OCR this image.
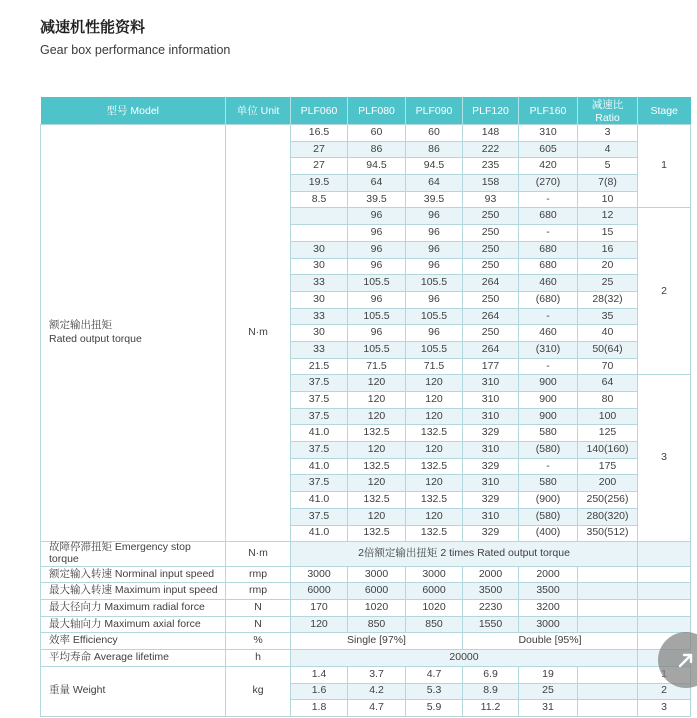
减速机性能资料
Gear box performance information
型号 Model	单位 Unit	PLF060	PLF080	PLF090	PLF120	PLF160	减速比 Ratio	Stage

额定输出扭矩
Rated output torque	N·m	16.5	60	60	148	310	3	1
		27	86	86	222	605	4	
		27	94.5	94.5	235	420	5	
		19.5	64	64	158	(270)	7(8)	
		8.5	39.5	39.5	93	-	10	
			96	96	250	680	12	2
			96	96	250	-	15	
		30	96	96	250	680	16	
		30	96	96	250	680	20	
		33	105.5	105.5	264	460	25	
		30	96	96	250	(680)	28(32)	
		33	105.5	105.5	264	-	35	
		30	96	96	250	460	40	
		33	105.5	105.5	264	(310)	50(64)	
		21.5	71.5	71.5	177	-	70	
		37.5	120	120	310	900	64	3
		37.5	120	120	310	900	80	
		37.5	120	120	310	900	100	
		41.0	132.5	132.5	329	580	125	
		37.5	120	120	310	(580)	140(160)	
		41.0	132.5	132.5	329	-	175	
		37.5	120	120	310	580	200	
		41.0	132.5	132.5	329	(900)	250(256)	
		37.5	120	120	310	(580)	280(320)	
		41.0	132.5	132.5	329	(400)	350(512)	
故障停滞扭矩 Emergency stop torque	N·m	2倍额定输出扭矩 2 times Rated output torque						
额定输入转速 Norminal input speed	rmp	3000	3000	3000	2000	2000		
最大输入转速 Maximum input speed	rmp	6000	6000	6000	3500	3500		
最大径向力 Maximum radial force	N	170	1020	1020	2230	3200		
最大轴向力 Maximum axial force	N	120	850	850	1550	3000		
效率 Efficiency	%	Single [97%]			Double [95%]			
平均寿命 Average lifetime	h	20000						
重量 Weight	kg	1.4	3.7	4.7	6.9	19		
		1.6	4.2	5.3	8.9	25		2
		1.8	4.7	5.9	11.2	31		3
